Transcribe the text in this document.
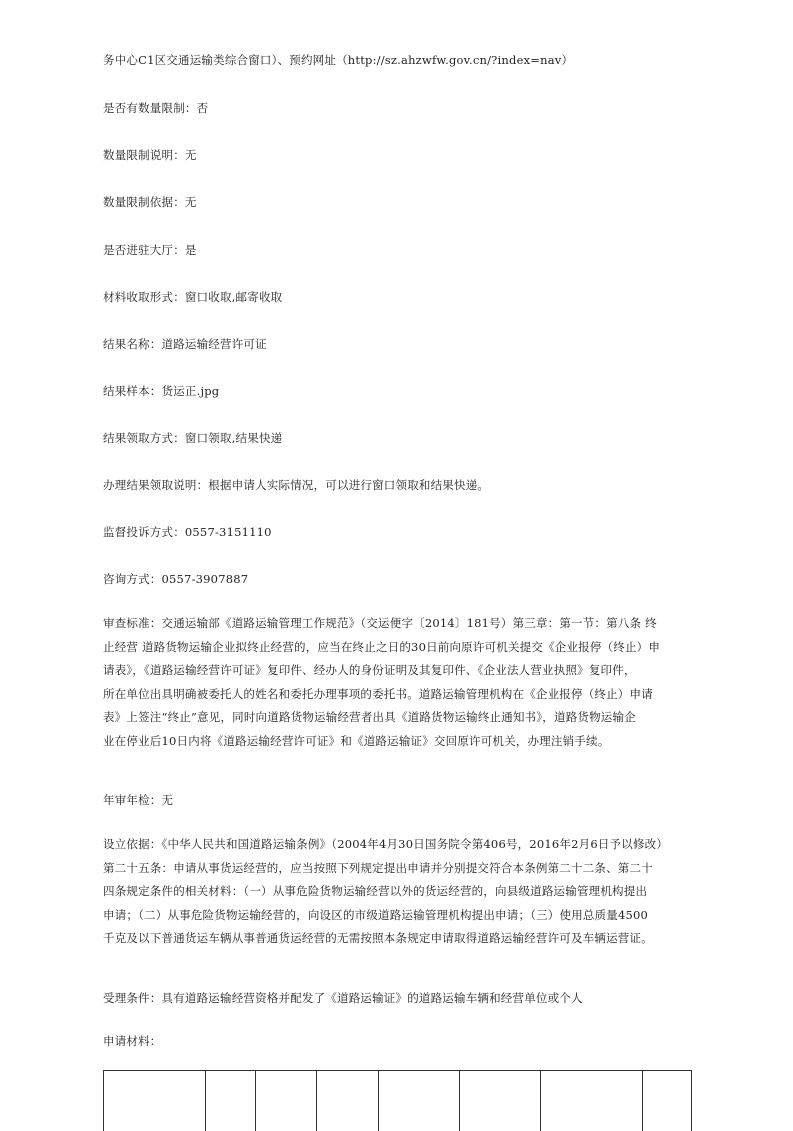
务中心C1区交通运输类综合窗口）、预约网址（http://sz.ahzwfw.gov.cn/?index=nav）
是否有数量限制：否
数量限制说明：无
数量限制依据：无
是否进驻大厅：是
材料收取形式：窗口收取,邮寄收取
结果名称：道路运输经营许可证
结果样本：货运正.jpg
结果领取方式：窗口领取,结果快递
办理结果领取说明：根据申请人实际情况，可以进行窗口领取和结果快递。
监督投诉方式：0557-3151110
咨询方式：0557-3907887

审查标准：交通运输部《道路运输管理工作规范》（交运便字〔2014〕181号）第三章：第一节：第八条 终

止经营 道路货物运输企业拟终止经营的，应当在终止之日的30日前向原许可机关提交《企业报停（终止）申

请表》，《道路运输经营许可证》复印件、经办人的身份证明及其复印件、《企业法人营业执照》复印件，

所在单位出具明确被委托人的姓名和委托办理事项的委托书。道路运输管理机构在《企业报停（终止）申请

表》上签注“终止”意见，同时向道路货物运输经营者出具《道路货物运输终止通知书》，道路货物运输企

业在停业后10日内将《道路运输经营许可证》和《道路运输证》交回原许可机关，办理注销手续。

年审年检：无

设立依据：《中华人民共和国道路运输条例》（2004年4月30日国务院令第406号，2016年2月6日予以修改）

第二十五条：申请从事货运经营的，应当按照下列规定提出申请并分别提交符合本条例第二十二条、第二十

四条规定条件的相关材料：（一）从事危险货物运输经营以外的货运经营的，向县级道路运输管理机构提出

申请；（二）从事危险货物运输经营的，向设区的市级道路运输管理机构提出申请；（三）使用总质量4500

千克及以下普通货运车辆从事普通货运经营的无需按照本条规定申请取得道路运输经营许可及车辆运营证。

受理条件：具有道路运输经营资格并配发了《道路运输证》的道路运输车辆和经营单位或个人
申请材料：
